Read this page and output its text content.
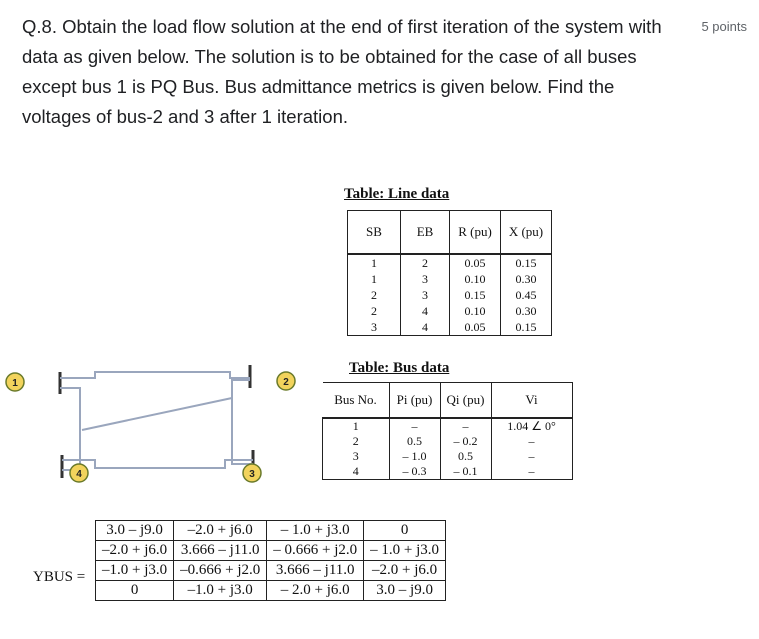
Q.8. Obtain the load flow solution at the end of first iteration of the system with data as given below. The solution is to be obtained for the case of all buses except bus 1 is PQ Bus. Bus admittance metrics is given below. Find the voltages of bus-2 and 3 after 1 iteration.
5 points
Table: Line data
SB	EB	R (pu)	X (pu)
1	2	0.05	0.15
1	3	0.10	0.30
2	3	0.15	0.45
2	4	0.10	0.30
3	4	0.05	0.15
Table: Bus data
Bus No.	Pi (pu)	Qi (pu)	Vi
1	–	–	1.04 ∠ 0°
2	0.5	– 0.2	–
3	– 1.0	0.5	–
4	– 0.3	– 0.1	–
1	2
4	3
YBUS =
3.0 – j9.0	–2.0 + j6.0	– 1.0 + j3.0	0
–2.0 + j6.0	3.666 – j11.0	– 0.666 + j2.0	– 1.0 + j3.0
–1.0 + j3.0	–0.666 + j2.0	3.666 – j11.0	–2.0 + j6.0
0	–1.0 + j3.0	– 2.0 + j6.0	3.0 – j9.0
